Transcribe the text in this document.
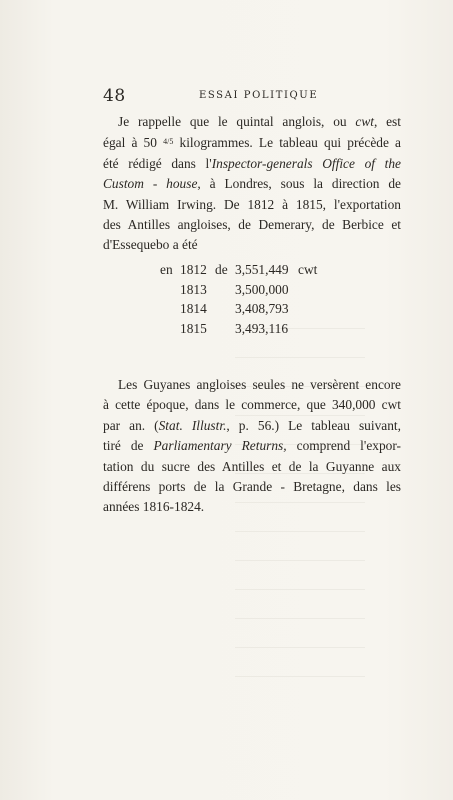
48	ESSAI POLITIQUE
Je rappelle que le quintal anglois, ou cwt, est
égal à 50 $^{4/5}$ kilogrammes. Le tableau qui précède a
été rédigé dans l'Inspector-generals Office of the
Custom - house, à Londres, sous la direction de
M. William Irwing. De 1812 à 1815, l'exportation
des Antilles angloises, de Demerary, de Berbice et
d'Essequebo a été
en 1812 de 3,551,449 cwt
1813 3,500,000
1814 3,408,793
1815 3,493,116
Les Guyanes angloises seules ne versèrent encore
à cette époque, dans le commerce, que 340,000 cwt
par an. (Stat. Illustr., p. 56.) Le tableau suivant,
tiré de Parliamentary Returns, comprend l'expor-
tation du sucre des Antilles et de la Guyanne aux
différens ports de la Grande - Bretagne, dans les
années 1816-1824.
